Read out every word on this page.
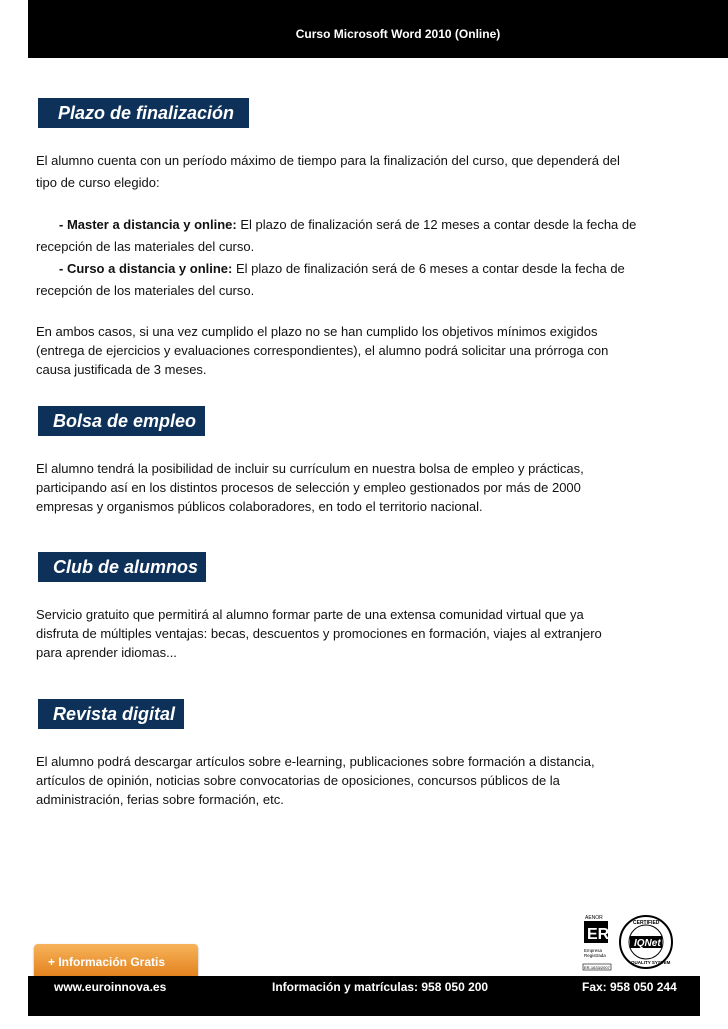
Curso Microsoft Word 2010 (Online)
Plazo de finalización

El alumno cuenta con un período máximo de tiempo para la finalización del curso, que dependerá del tipo de curso elegido:

- Master a distancia y online: El plazo de finalización será de 12 meses a contar desde la fecha de recepción de las materiales del curso.

- Curso a distancia y online: El plazo de finalización será de 6 meses a contar desde la fecha de recepción de los materiales del curso.

En ambos casos, si una vez cumplido el plazo no se han cumplido los objetivos mínimos exigidos (entrega de ejercicios y evaluaciones correspondientes), el alumno podrá solicitar una prórroga con causa justificada de 3 meses.

Bolsa de empleo

El alumno tendrá la posibilidad de incluir su currículum en nuestra bolsa de empleo y prácticas, participando así en los distintos procesos de selección y empleo gestionados por más de 2000 empresas y organismos públicos colaboradores, en todo el territorio nacional.

Club de alumnos

Servicio gratuito que permitirá al alumno formar parte de una extensa comunidad virtual que ya disfruta de múltiples ventajas: becas, descuentos y promociones en formación, viajes al extranjero para aprender idiomas...

Revista digital

El alumno podrá descargar artículos sobre e-learning, publicaciones sobre formación a distancia, artículos de opinión, noticias sobre convocatorias de oposiciones, concursos públicos de la administración, ferias sobre formación, etc.

AENOR
ER
Empresa
Registrada
ER-1633/2007
CERTIFIED
QUALITY SYSTEM
IQNet
+ Información Gratis
www.euroinnova.es	Información y matrículas: 958 050 200	Fax: 958 050 244
